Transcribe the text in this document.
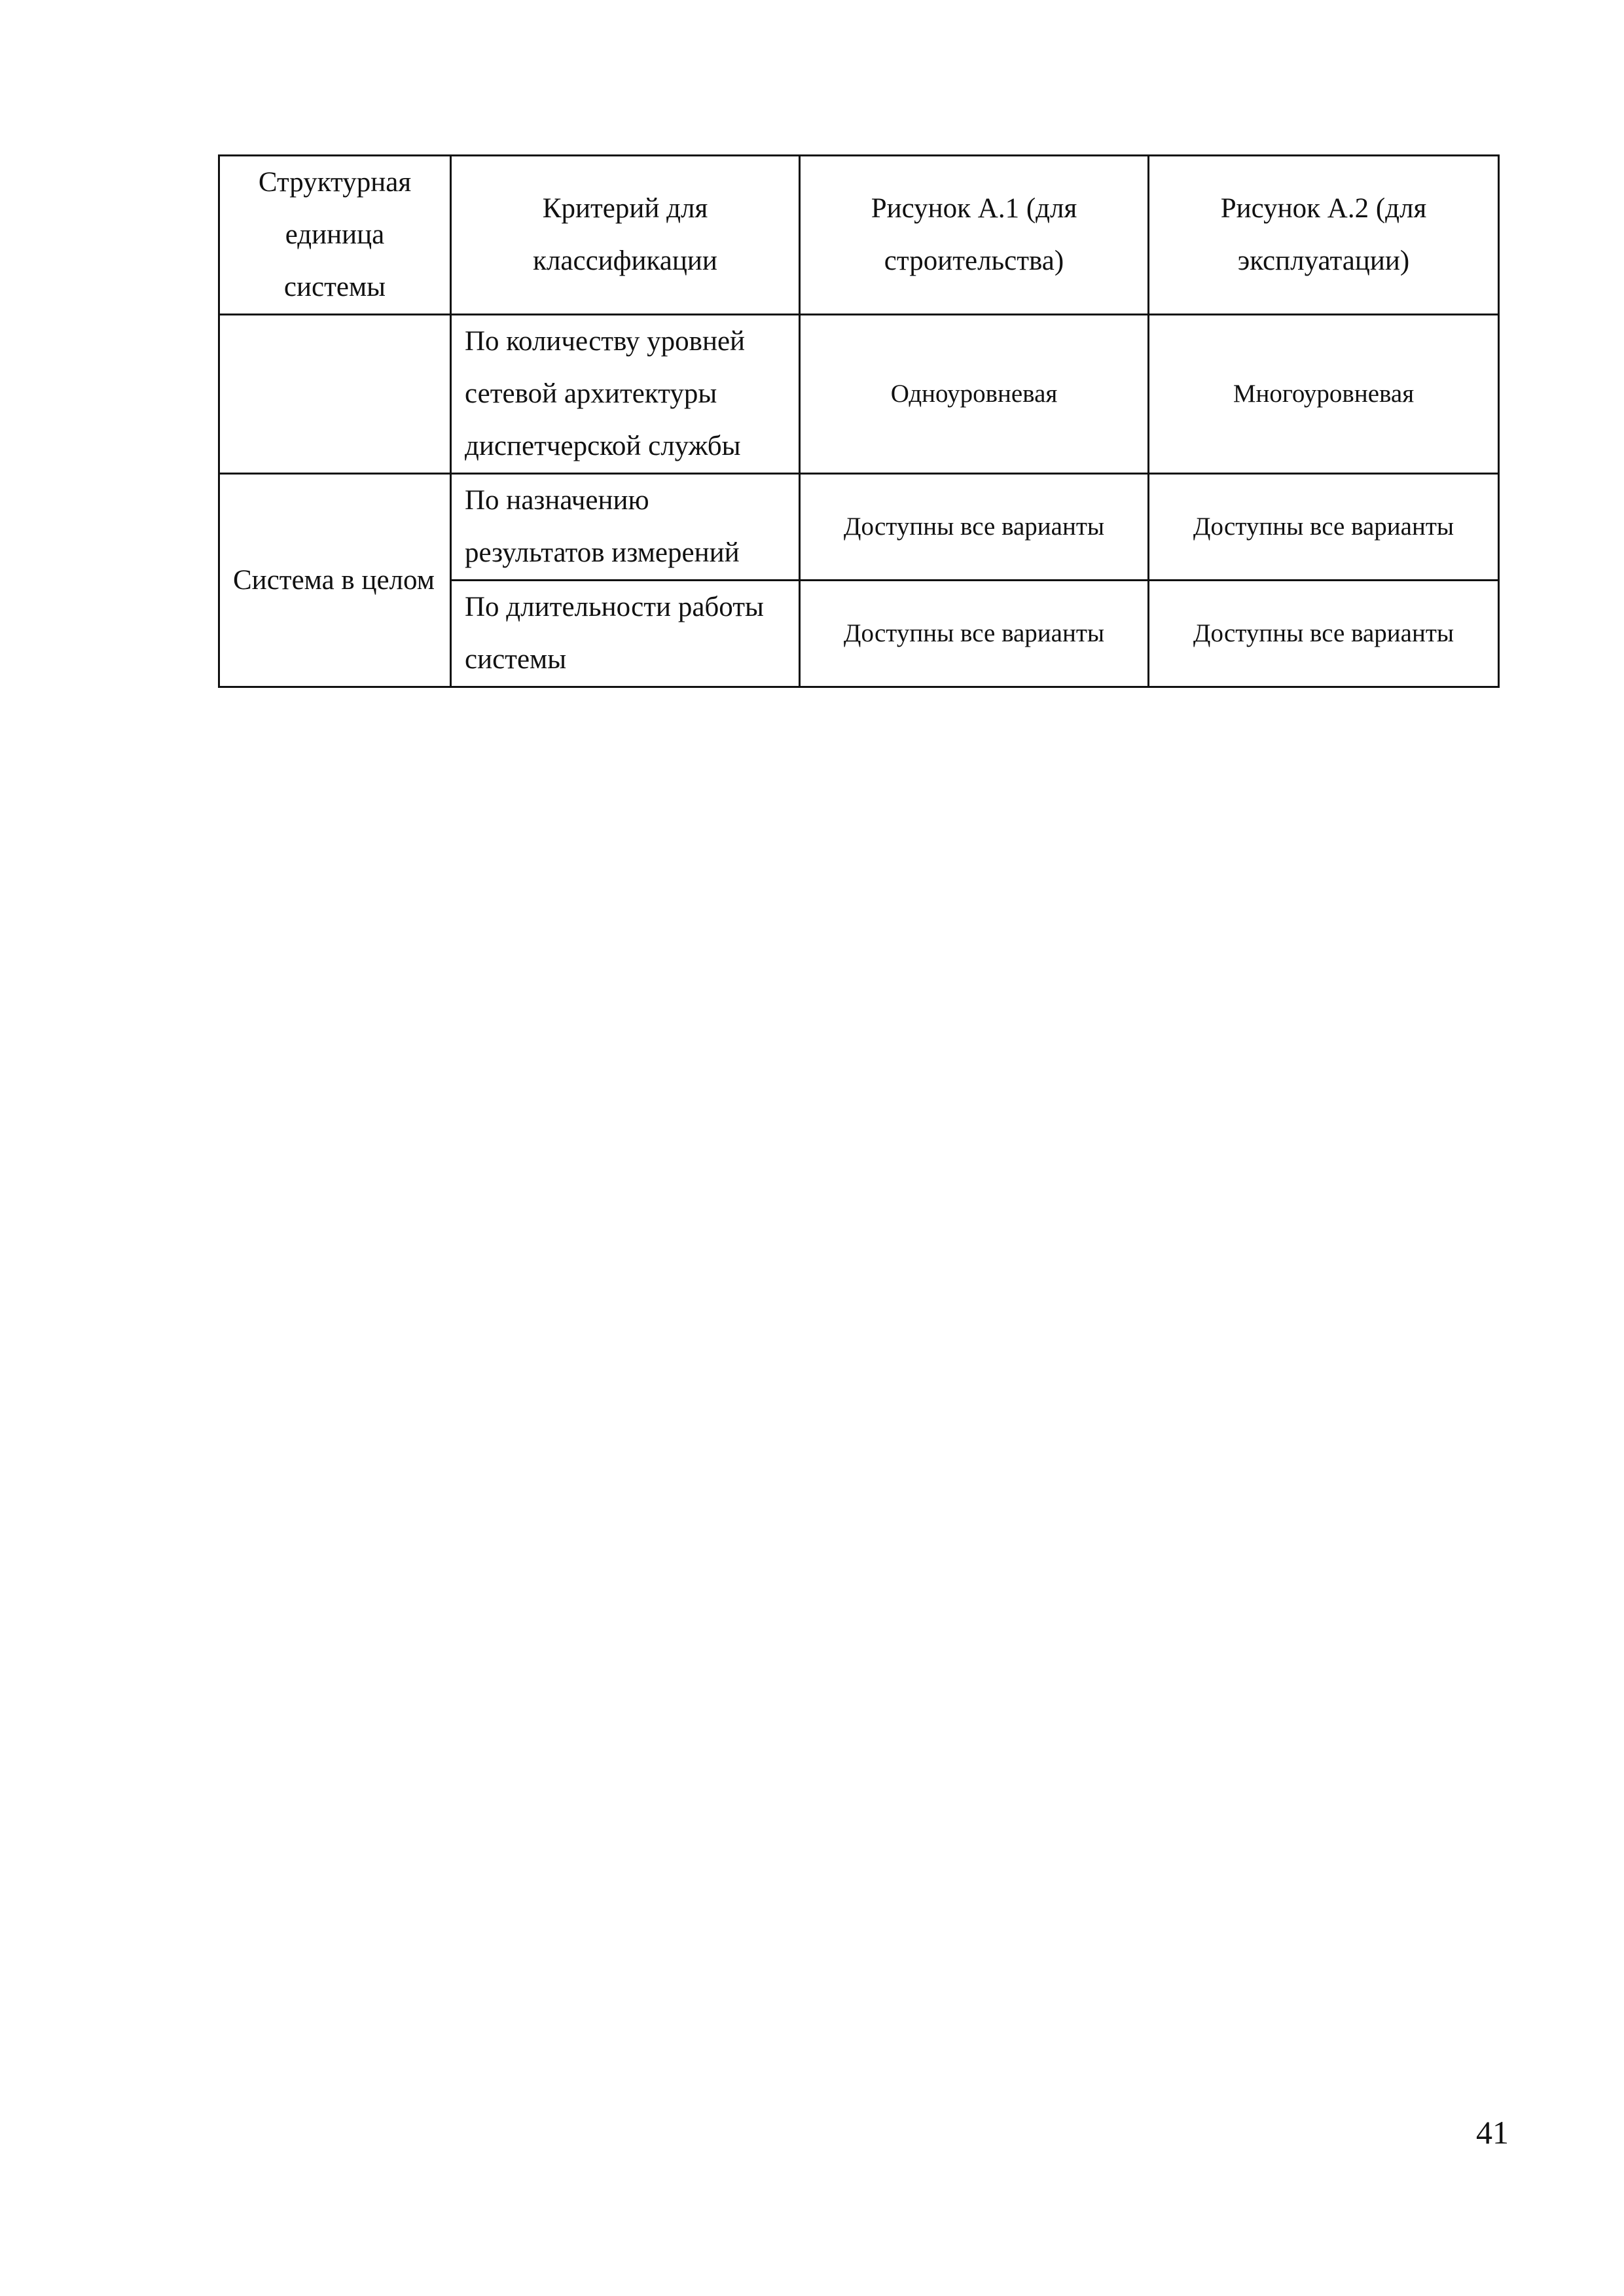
Структурная единица системы	Критерий для классификации	Рисунок А.1 (для строительства)	Рисунок А.2 (для эксплуатации)
	По количеству уровней сетевой архитектуры диспетчерской службы	Одноуровневая	Многоуровневая
Система в целом	По назначению результатов измерений	Доступны все варианты	Доступны все варианты
	По длительности работы системы	Доступны все варианты	Доступны все варианты
41
